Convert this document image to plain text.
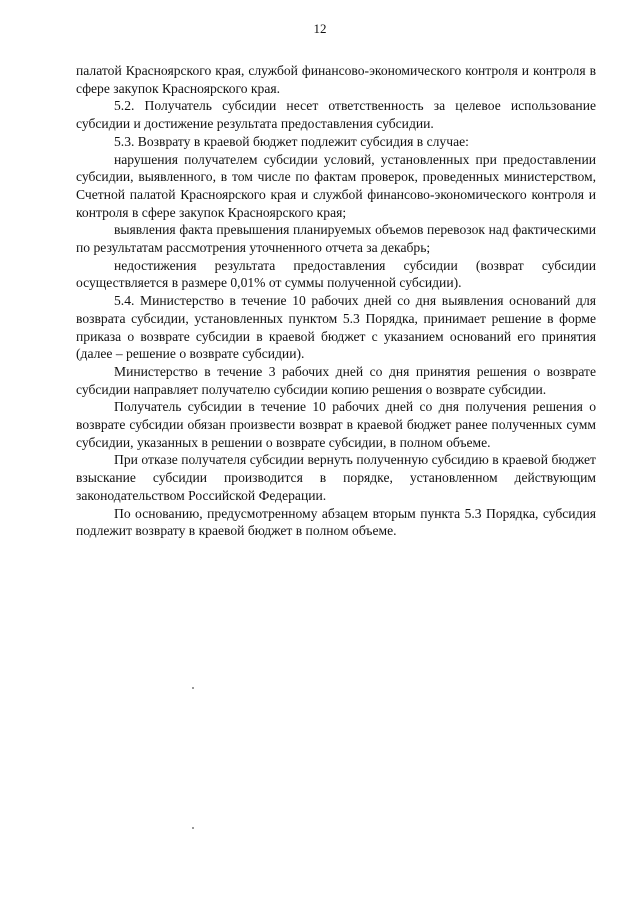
12

палатой Красноярского края, службой финансово-экономического контроля и контроля в сфере закупок Красноярского края.

5.2. Получатель субсидии несет ответственность за целевое использование субсидии и достижение результата предоставления субсидии.

5.3. Возврату в краевой бюджет подлежит субсидия в случае:

нарушения получателем субсидии условий, установленных при предоставлении субсидии, выявленного, в том числе по фактам проверок, проведенных министерством, Счетной палатой Красноярского края и службой финансово-экономического контроля и контроля в сфере закупок Красноярского края;

выявления факта превышения планируемых объемов перевозок над фактическими по результатам рассмотрения уточненного отчета за декабрь;

недостижения результата предоставления субсидии (возврат субсидии осуществляется в размере 0,01% от суммы полученной субсидии).

5.4. Министерство в течение 10 рабочих дней со дня выявления оснований для возврата субсидии, установленных пунктом 5.3 Порядка, принимает решение в форме приказа о возврате субсидии в краевой бюджет с указанием оснований его принятия (далее – решение о возврате субсидии).

Министерство в течение 3 рабочих дней со дня принятия решения о возврате субсидии направляет получателю субсидии копию решения о возврате субсидии.

Получатель субсидии в течение 10 рабочих дней со дня получения решения о возврате субсидии обязан произвести возврат в краевой бюджет ранее полученных сумм субсидии, указанных в решении о возврате субсидии, в полном объеме.

При отказе получателя субсидии вернуть полученную субсидию в краевой бюджет взыскание субсидии производится в порядке, установленном действующим законодательством Российской Федерации.

По основанию, предусмотренному абзацем вторым пункта 5.3 Порядка, субсидия подлежит возврату в краевой бюджет в полном объеме.
